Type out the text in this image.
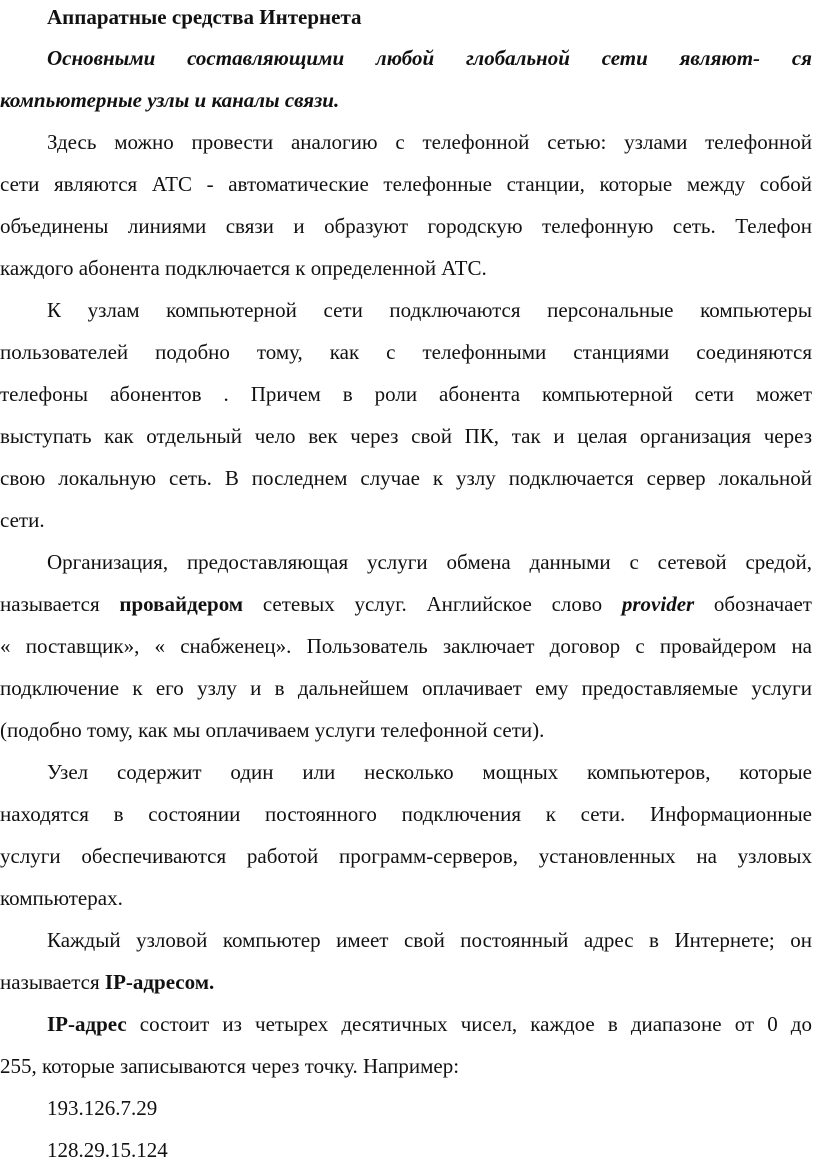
Аппаратные средства Интернета
Основными составляющими любой глобальной сети являют- ся
компьютерные узлы и каналы связи.
Здесь можно провести аналогию с телефонной сетью: узлами телефонной
сети являются АТС - автоматические телефонные станции, которые между собой
объединены линиями связи и образуют городскую телефонную сеть. Телефон
каждого абонента подключается к определенной АТС.
К узлам компьютерной сети подключаются персональные компьютеры
пользователей подобно тому, как с телефонными станциями соединяются
телефоны абонентов . Причем в роли абонента компьютерной сети может
выступать как отдельный чело век через свой ПК, так и целая организация через
свою локальную сеть. В последнем случае к узлу подключается сервер локальной
сети.
Организация, предоставляющая услуги обмена данными с сетевой средой,
называется провайдером сетевых услуг. Английское слово provider обозначает
« поставщик», « снабженец». Пользователь заключает договор с провайдером на
подключение к его узлу и в дальнейшем оплачивает ему предоставляемые услуги
(подобно тому, как мы оплачиваем услуги телефонной сети).
Узел содержит один или несколько мощных компьютеров, которые
находятся в состоянии постоянного подключения к сети. Информационные
услуги обеспечиваются работой программ-серверов, установленных на узловых
компьютерах.
Каждый узловой компьютер имеет свой постоянный адрес в Интернете; он
называется IP-адресом.
IP-адрес состоит из четырех десятичных чисел, каждое в диапазоне от 0 до
255, которые записываются через точку. Например:
193.126.7.29
128.29.15.124
